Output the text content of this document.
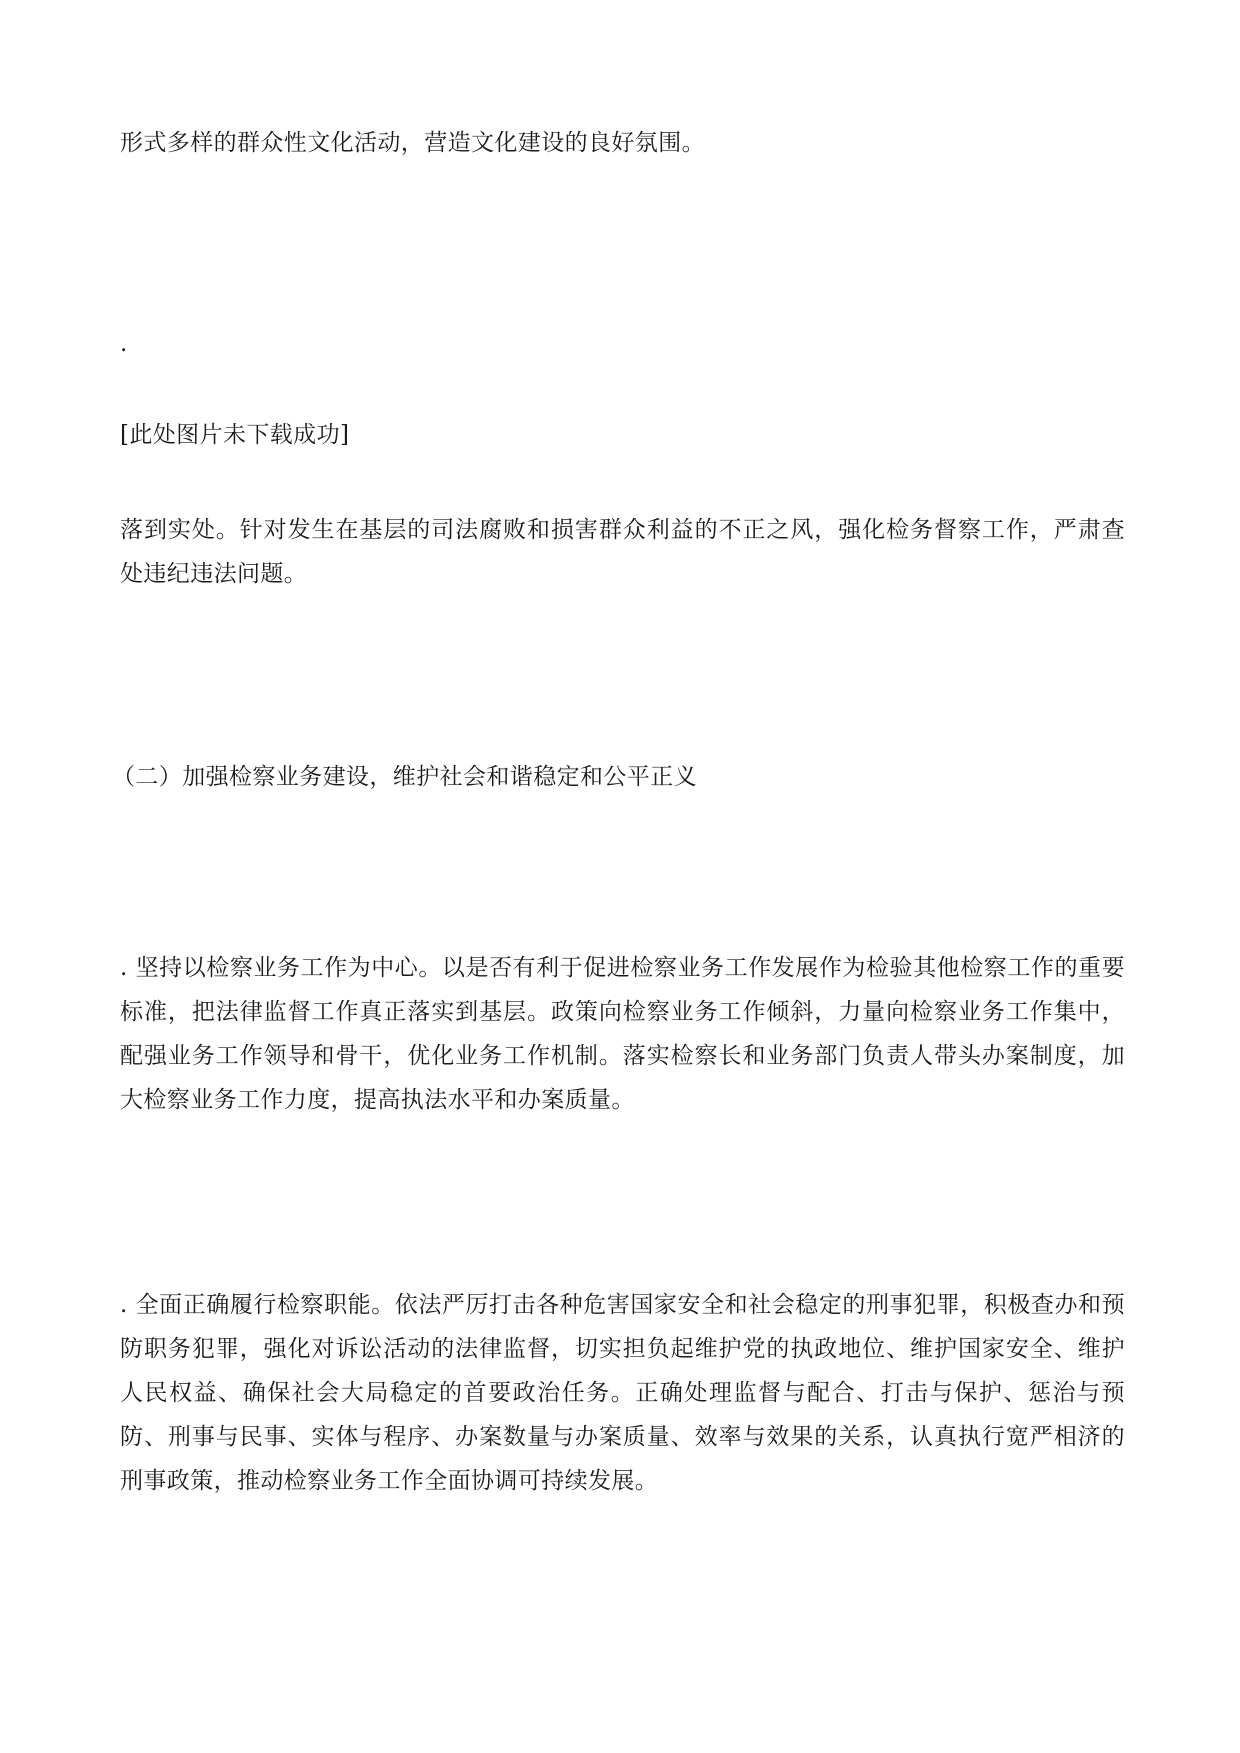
形式多样的群众性文化活动，营造文化建设的良好氛围。

.

[此处图片未下载成功]

落到实处。针对发生在基层的司法腐败和损害群众利益的不正之风，强化检务督察工作，严肃查处违纪违法问题。

（二）加强检察业务建设，维护社会和谐稳定和公平正义

. 坚持以检察业务工作为中心。以是否有利于促进检察业务工作发展作为检验其他检察工作的重要标准，把法律监督工作真正落实到基层。政策向检察业务工作倾斜，力量向检察业务工作集中，配强业务工作领导和骨干，优化业务工作机制。落实检察长和业务部门负责人带头办案制度，加大检察业务工作力度，提高执法水平和办案质量。

. 全面正确履行检察职能。依法严厉打击各种危害国家安全和社会稳定的刑事犯罪，积极查办和预防职务犯罪，强化对诉讼活动的法律监督，切实担负起维护党的执政地位、维护国家安全、维护人民权益、确保社会大局稳定的首要政治任务。正确处理监督与配合、打击与保护、惩治与预防、刑事与民事、实体与程序、办案数量与办案质量、效率与效果的关系，认真执行宽严相济的刑事政策，推动检察业务工作全面协调可持续发展。
